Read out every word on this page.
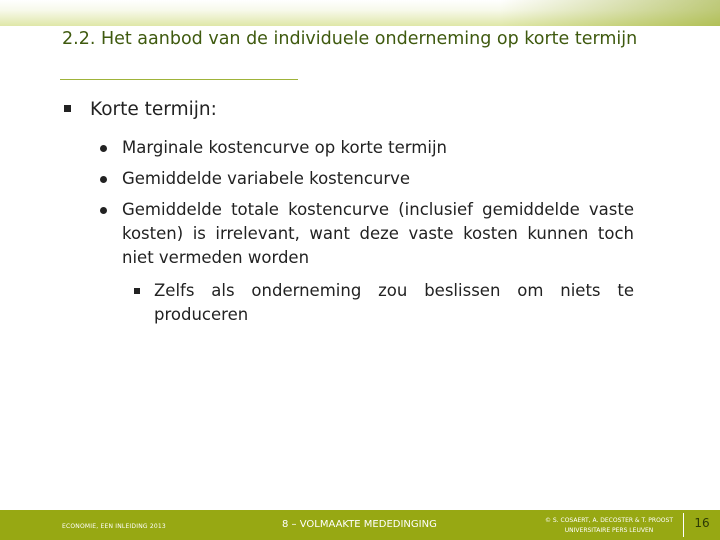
2.2. Het aanbod van de individuele onderneming op korte termijn
Korte termijn:
Marginale kostencurve op korte termijn
Gemiddelde variabele kostencurve
Gemiddelde totale kostencurve (inclusief gemiddelde vaste kosten) is irrelevant, want deze vaste kosten kunnen toch niet vermeden worden
Zelfs als onderneming zou beslissen om niets te produceren
ECONOMIE, EEN INLEIDING 2013	8 – VOLMAAKTE MEDEDINGING	© S. COSAERT, A. DECOSTER & T. PROOST
UNIVERSITAIRE PERS LEUVEN
16
